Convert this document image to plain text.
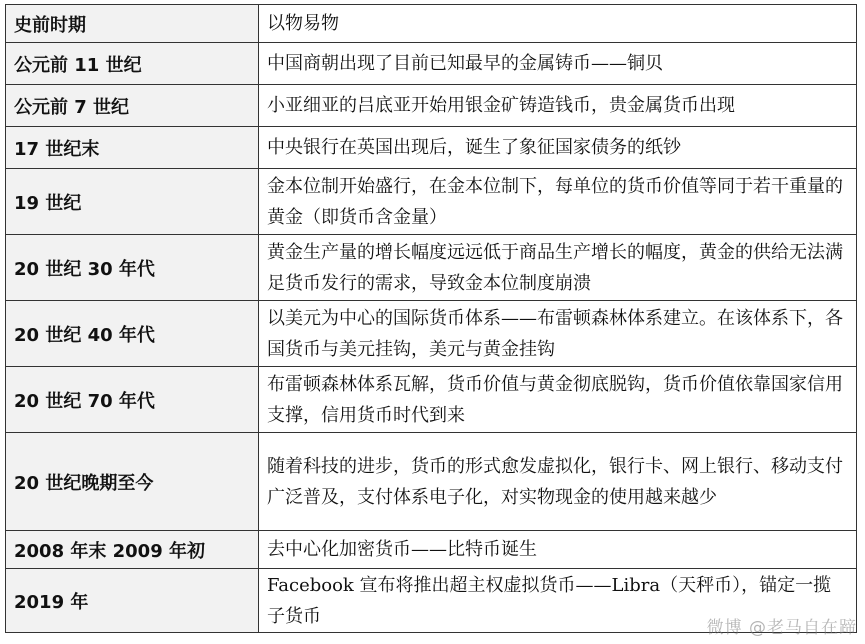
史前时期	以物易物
公元前 11 世纪	中国商朝出现了目前已知最早的金属铸币——铜贝
公元前 7 世纪	小亚细亚的吕底亚开始用银金矿铸造钱币，贵金属货币出现
17 世纪末	中央银行在英国出现后，诞生了象征国家债务的纸钞
19 世纪	金本位制开始盛行，在金本位制下，每单位的货币价值等同于若干重量的黄金（即货币含金量）
20 世纪 30 年代	黄金生产量的增长幅度远远低于商品生产增长的幅度，黄金的供给无法满足货币发行的需求，导致金本位制度崩溃
20 世纪 40 年代	以美元为中心的国际货币体系——布雷顿森林体系建立。在该体系下，各国货币与美元挂钩，美元与黄金挂钩
20 世纪 70 年代	布雷顿森林体系瓦解，货币价值与黄金彻底脱钩，货币价值依靠国家信用支撑，信用货币时代到来
20 世纪晚期至今	随着科技的进步，货币的形式愈发虚拟化，银行卡、网上银行、移动支付广泛普及，支付体系电子化，对实物现金的使用越来越少
2008 年末 2009 年初	去中心化加密货币——比特币诞生
2019 年	Facebook 宣布将推出超主权虚拟货币——Libra（天秤币），锚定一揽子货币
微博 @老马自在蹄
